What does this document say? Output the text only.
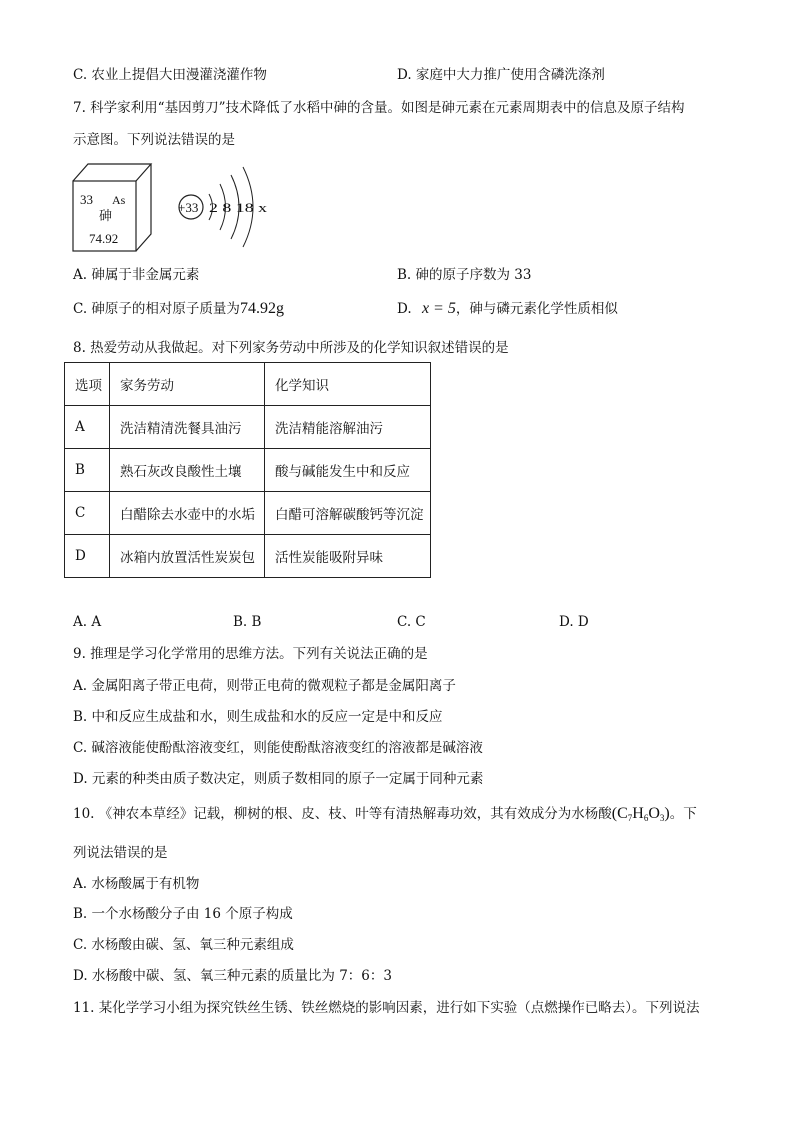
C. 农业上提倡大田漫灌浇灌作物	D. 家庭中大力推广使用含磷洗涤剂
7. 科学家利用“基因剪刀”技术降低了水稻中砷的含量。如图是砷元素在元素周期表中的信息及原子结构
示意图。下列说法错误的是
33 As
砷
74.92
+33 2 8 18 x
A. 砷属于非金属元素	B. 砷的原子序数为 33
C. 砷原子的相对原子质量为74.92g	D. x = 5，砷与磷元素化学性质相似
8. 热爱劳动从我做起。对下列家务劳动中所涉及的化学知识叙述错误的是
选项	家务劳动	化学知识
A	洗洁精清洗餐具油污	洗洁精能溶解油污
B	熟石灰改良酸性土壤	酸与碱能发生中和反应
C	白醋除去水壶中的水垢	白醋可溶解碳酸钙等沉淀
D	冰箱内放置活性炭炭包	活性炭能吸附异味
A. A	B. B	C. C	D. D
9. 推理是学习化学常用的思维方法。下列有关说法正确的是
A. 金属阳离子带正电荷，则带正电荷的微观粒子都是金属阳离子
B. 中和反应生成盐和水，则生成盐和水的反应一定是中和反应
C. 碱溶液能使酚酞溶液变红，则能使酚酞溶液变红的溶液都是碱溶液
D. 元素的种类由质子数决定，则质子数相同的原子一定属于同种元素
10. 《神农本草经》记载，柳树的根、皮、枝、叶等有清热解毒功效，其有效成分为水杨酸$(C_7H_6O_3)$。下
列说法错误的是
A. 水杨酸属于有机物
B. 一个水杨酸分子由 16 个原子构成
C. 水杨酸由碳、氢、氧三种元素组成
D. 水杨酸中碳、氢、氧三种元素的质量比为 7：6：3
11. 某化学学习小组为探究铁丝生锈、铁丝燃烧的影响因素，进行如下实验（点燃操作已略去）。下列说法
